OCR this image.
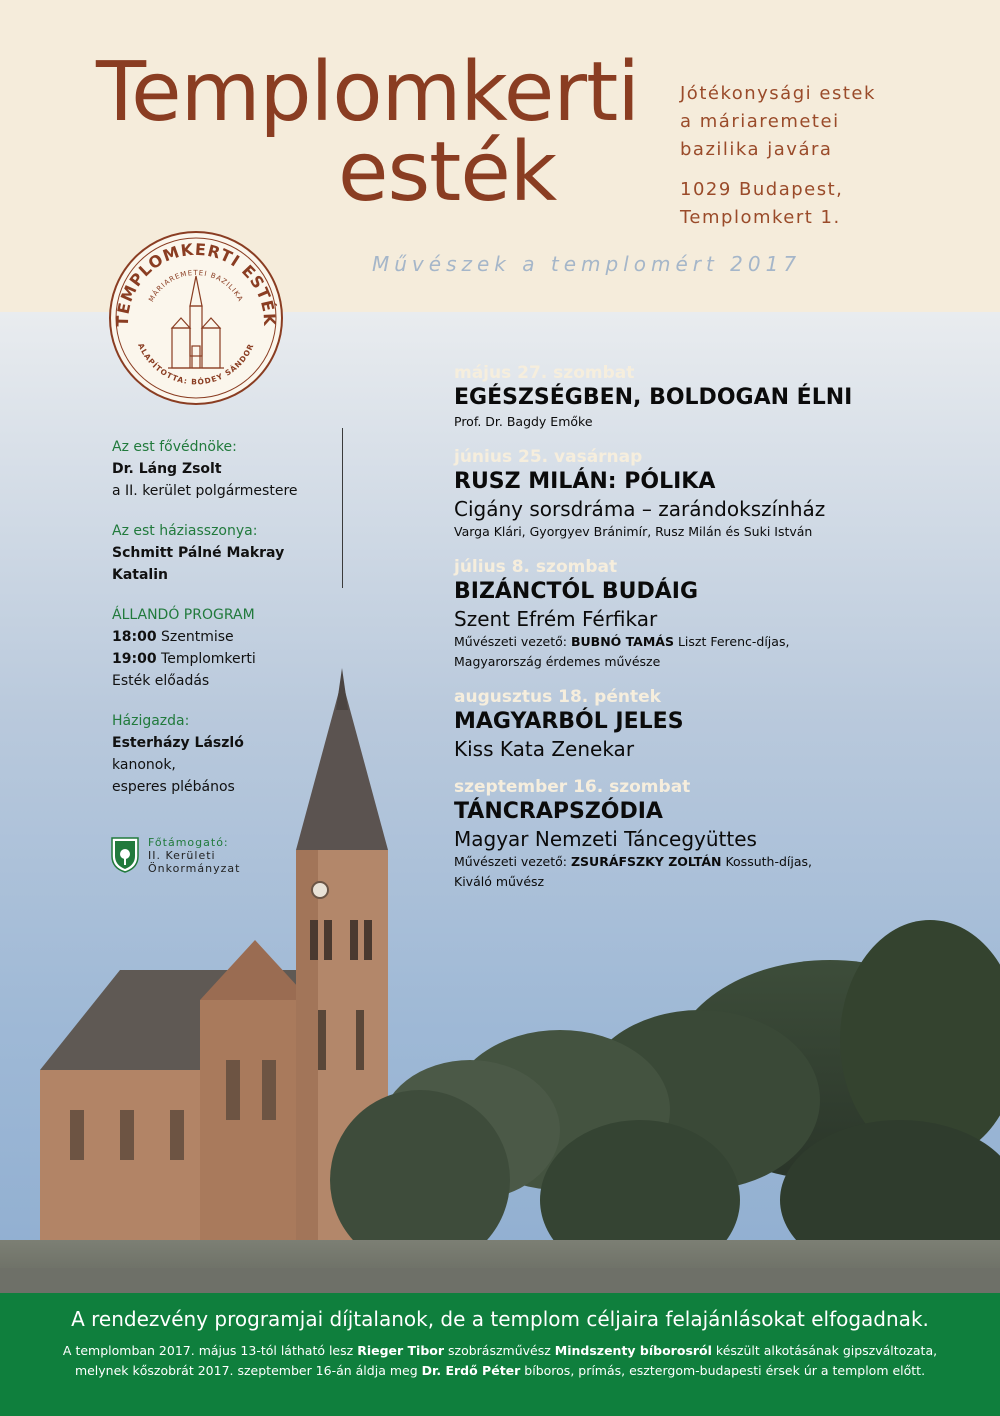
Templomkerti
esték
Jótékonysági estek
a máriaremetei
bazilika javára
1029 Budapest,
Templomkert 1.
Művészek a templomért 2017
TEMPLOMKERTI ESTÉK
MÁRIAREMETEI BAZILIKA
ALAPÍTOTTA: BÓDEY SÁNDOR
Az est fővédnöke:
Dr. Láng Zsolt
a II. kerület polgármestere
Az est háziasszonya:
Schmitt Pálné Makray
Katalin
ÁLLANDÓ PROGRAM
18:00 Szentmise
19:00 Templomkerti
Esték előadás
Házigazda:
Esterházy László
kanonok,
esperes plébános
Főtámogató:
II. Kerületi
Önkormányzat
május 27. szombat
EGÉSZSÉGBEN, BOLDOGAN ÉLNI
Prof. Dr. Bagdy Emőke
június 25. vasárnap
RUSZ MILÁN: PÓLIKA
Cigány sorsdráma – zarándokszínház
Varga Klári, Gyorgyev Bránimír, Rusz Milán és Suki István
július 8. szombat
BIZÁNCTÓL BUDÁIG
Szent Efrém Férfikar
Művészeti vezető: BUBNÓ TAMÁS Liszt Ferenc-díjas,
Magyarország érdemes művésze
augusztus 18. péntek
MAGYARBÓL JELES
Kiss Kata Zenekar
szeptember 16. szombat
TÁNCRAPSZÓDIA
Magyar Nemzeti Táncegyüttes
Művészeti vezető: ZSURÁFSZKY ZOLTÁN Kossuth-díjas,
Kiváló művész
A rendezvény programjai díjtalanok, de a templom céljaira felajánlásokat elfogadnak.
A templomban 2017. május 13-tól látható lesz Rieger Tibor szobrászművész Mindszenty bíborosról készült alkotásának gipszváltozata,
melynek kőszobrát 2017. szeptember 16-án áldja meg Dr. Erdő Péter bíboros, prímás, esztergom-budapesti érsek úr a templom előtt.
